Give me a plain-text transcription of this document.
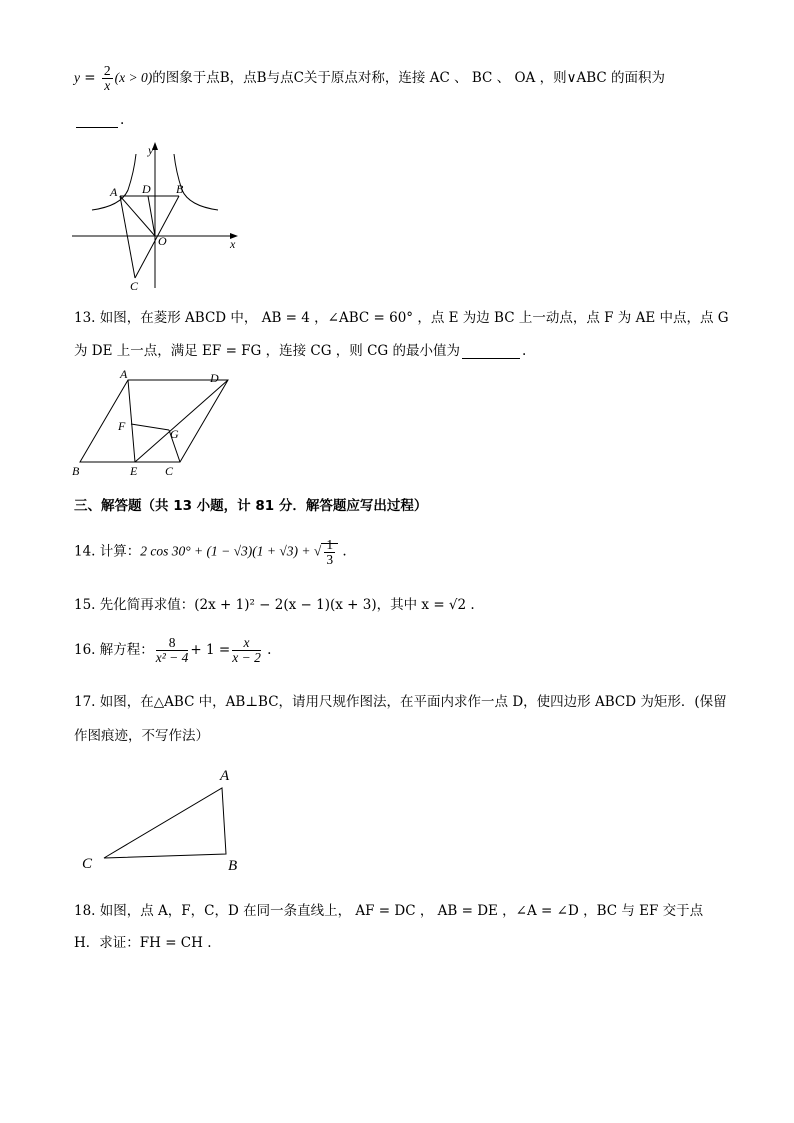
$y = \frac{2}{x} (x > 0)$的图象于点B，点B与点C关于原点对称，连接 AC 、 BC 、 OA ，则∨ABC 的面积为
.
y
x
A	B
C
D
O
13. 如图，在菱形 ABCD 中， AB = 4 ，∠ABC = 60° ，点 E 为边 BC 上一动点，点 F 为 AE 中点，点 G
为 DE 上一点，满足 EF = FG ，连接 CG ，则 CG 的最小值为	.
A	D
B	E C
F
G
三、解答题（共 13 小题，计 81 分．解答题应写出过程）
14. 计算：2 cos 30° + (1 − √3)(1 + √3) + √ $\frac{1}{3}$ .
15. 先化简再求值：(2x + 1)² − 2(x − 1)(x + 3)，其中 x = √2 .
16. 解方程： $\frac{8}{\text{x² − 4}} + 1 = \frac{x}{x - 2}$ .
17. 如图，在△ABC 中，AB⊥BC，请用尺规作图法，在平面内求作一点 D，使四边形 ABCD 为矩形．(保留
作图痕迹，不写作法）
A
B
C
18. 如图，点 A，F，C，D 在同一条直线上， AF = DC ， AB = DE ，∠A = ∠D ，BC 与 EF 交于点
H．求证：FH = CH .
